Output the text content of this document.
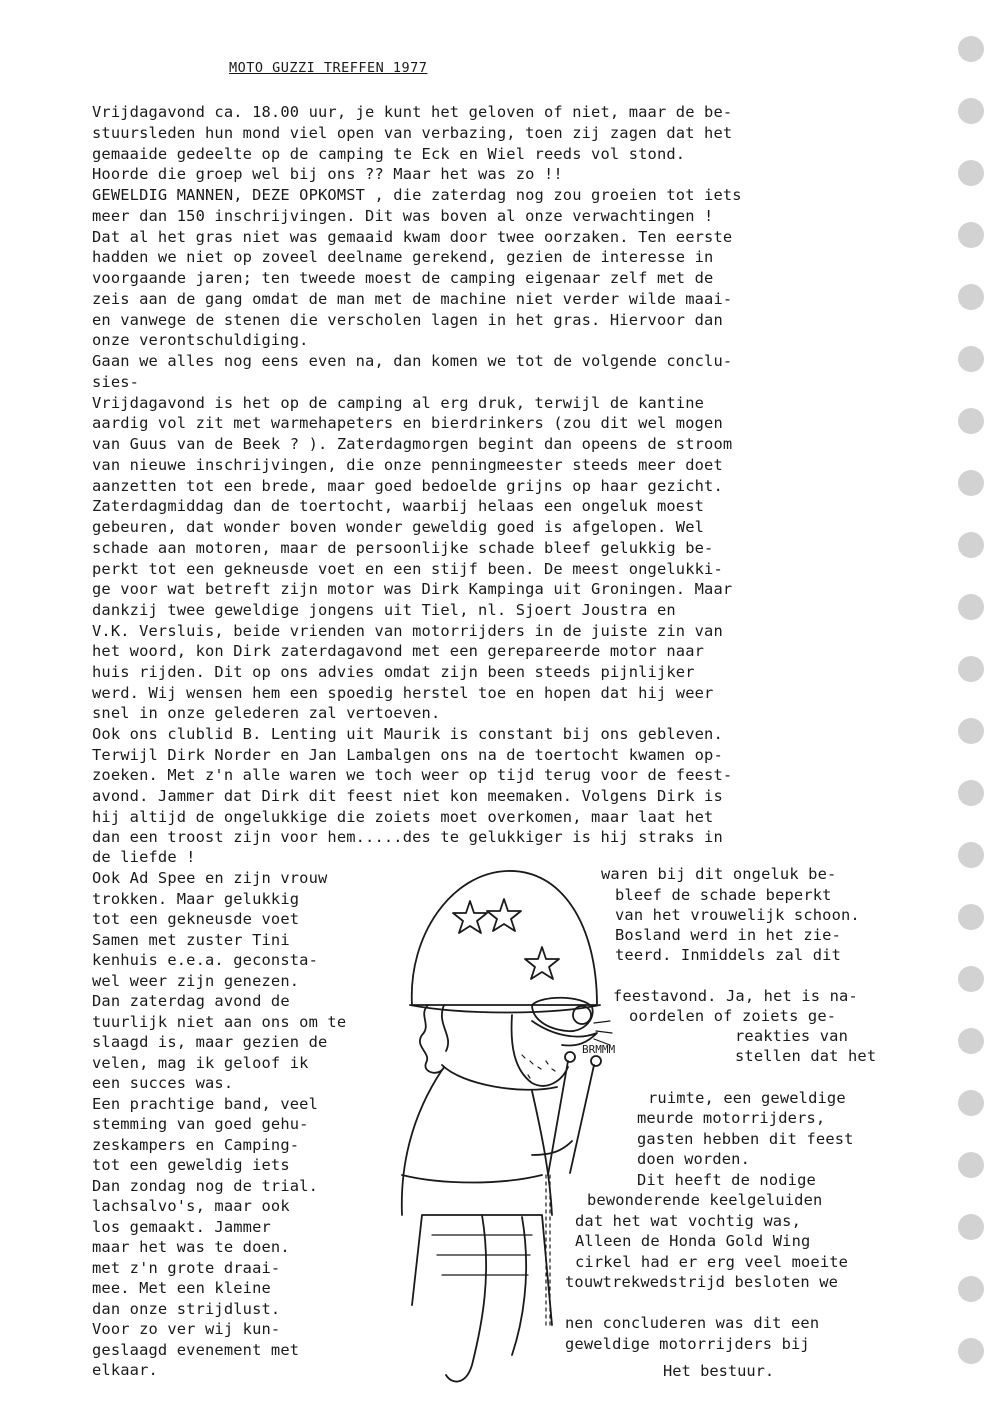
MOTO GUZZI TREFFEN 1977
Vrijdagavond ca. 18.00 uur, je kunt het geloven of niet, maar de be-
stuursleden hun mond viel open van verbazing, toen zij zagen dat het
gemaaide gedeelte op de camping te Eck en Wiel reeds vol stond.
Hoorde die groep wel bij ons ?? Maar het was zo !!
GEWELDIG MANNEN, DEZE OPKOMST , die zaterdag nog zou groeien tot iets
meer dan 150 inschrijvingen. Dit was boven al onze verwachtingen !
Dat al het gras niet was gemaaid kwam door twee oorzaken. Ten eerste
hadden we niet op zoveel deelname gerekend, gezien de interesse in
voorgaande jaren; ten tweede moest de camping eigenaar zelf met de
zeis aan de gang omdat de man met de machine niet verder wilde maai-
en vanwege de stenen die verscholen lagen in het gras. Hiervoor dan
onze verontschuldiging.
Gaan we alles nog eens even na, dan komen we tot de volgende conclu-
sies-
Vrijdagavond is het op de camping al erg druk, terwijl de kantine
aardig vol zit met warmehapeters en bierdrinkers (zou dit wel mogen
van Guus van de Beek ? ). Zaterdagmorgen begint dan opeens de stroom
van nieuwe inschrijvingen, die onze penningmeester steeds meer doet
aanzetten tot een brede, maar goed bedoelde grijns op haar gezicht.
Zaterdagmiddag dan de toertocht, waarbij helaas een ongeluk moest
gebeuren, dat wonder boven wonder geweldig goed is afgelopen. Wel
schade aan motoren, maar de persoonlijke schade bleef gelukkig be-
perkt tot een gekneusde voet en een stijf been. De meest ongelukki-
ge voor wat betreft zijn motor was Dirk Kampinga uit Groningen. Maar
dankzij twee geweldige jongens uit Tiel, nl. Sjoert Joustra en
V.K. Versluis, beide vrienden van motorrijders in de juiste zin van
het woord, kon Dirk zaterdagavond met een gerepareerde motor naar
huis rijden. Dit op ons advies omdat zijn been steeds pijnlijker
werd. Wij wensen hem een spoedig herstel toe en hopen dat hij weer
snel in onze gelederen zal vertoeven.
Ook ons clublid B. Lenting uit Maurik is constant bij ons gebleven.
Terwijl Dirk Norder en Jan Lambalgen ons na de toertocht kwamen op-
zoeken. Met z'n alle waren we toch weer op tijd terug voor de feest-
avond. Jammer dat Dirk dit feest niet kon meemaken. Volgens Dirk is
hij altijd de ongelukkige die zoiets moet overkomen, maar laat het
dan een troost zijn voor hem.....des te gelukkiger is hij straks in
de liefde !
Ook Ad Spee en zijn vrouw
trokken. Maar gelukkig
tot een gekneusde voet
Samen met zuster Tini
kenhuis e.e.a. geconsta-
wel weer zijn genezen.
Dan zaterdag avond de
tuurlijk niet aan ons om te
slaagd is, maar gezien de
velen, mag ik geloof ik
een succes was.
Een prachtige band, veel
stemming van goed gehu-
zeskampers en Camping-
tot een geweldig iets
Dan zondag nog de trial.
lachsalvo's, maar ook
los gemaakt. Jammer
maar het was te doen.
met z'n grote draai-
mee. Met een kleine
dan onze strijdlust.
Voor zo ver wij kun-
geslaagd evenement met
elkaar.
waren bij dit ongeluk be-
bleef de schade beperkt
van het vrouwelijk schoon.
Bosland werd in het zie-
teerd. Inmiddels zal dit
feestavond. Ja, het is na-
oordelen of zoiets ge-
reakties van
stellen dat het
ruimte, een geweldige
meurde motorrijders,
gasten hebben dit feest
doen worden.
Dit heeft de nodige
bewonderende keelgeluiden
dat het wat vochtig was,
Alleen de Honda Gold Wing
cirkel had er erg veel moeite
touwtrekwedstrijd besloten we
nen concluderen was dit een
geweldige motorrijders bij
Het bestuur.
BRMMM
